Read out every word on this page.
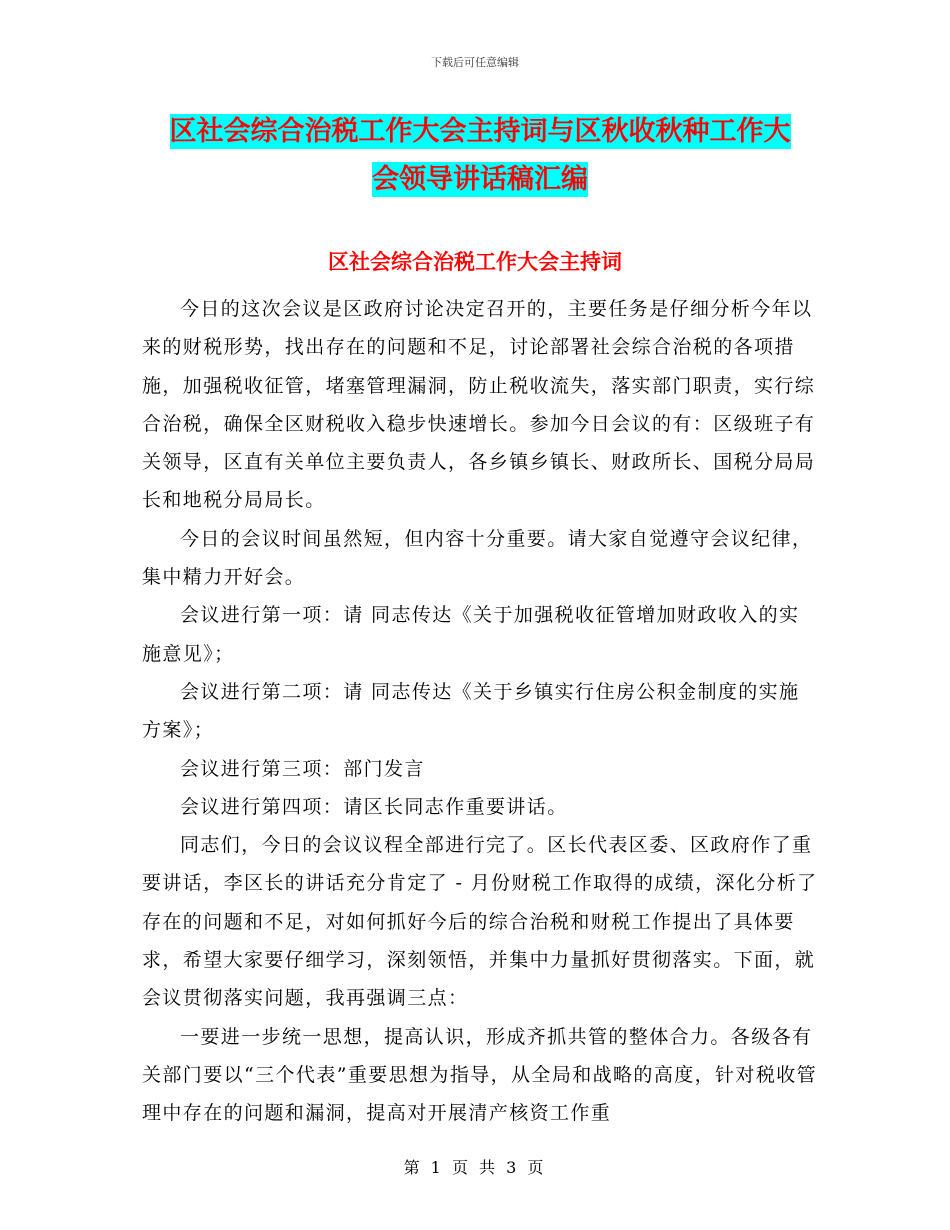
下载后可任意编辑
区社会综合治税工作大会主持词与区秋收秋种工作大
会领导讲话稿汇编
区社会综合治税工作大会主持词

今日的这次会议是区政府讨论决定召开的，主要任务是仔细分析今年以来的财税形势，找出存在的问题和不足，讨论部署社会综合治税的各项措施，加强税收征管，堵塞管理漏洞，防止税收流失，落实部门职责，实行综合治税，确保全区财税收入稳步快速增长。参加今日会议的有：区级班子有关领导，区直有关单位主要负责人，各乡镇乡镇长、财政所长、国税分局局长和地税分局局长。

今日的会议时间虽然短，但内容十分重要。请大家自觉遵守会议纪律，集中精力开好会。

会议进行第一项：请 同志传达《关于加强税收征管增加财政收入的实施意见》；

会议进行第二项：请 同志传达《关于乡镇实行住房公积金制度的实施方案》；

会议进行第三项：部门发言

会议进行第四项：请区长同志作重要讲话。

同志们，今日的会议议程全部进行完了。区长代表区委、区政府作了重要讲话，李区长的讲话充分肯定了 - 月份财税工作取得的成绩，深化分析了存在的问题和不足，对如何抓好今后的综合治税和财税工作提出了具体要求，希望大家要仔细学习，深刻领悟，并集中力量抓好贯彻落实。下面，就会议贯彻落实问题，我再强调三点：

一要进一步统一思想，提高认识，形成齐抓共管的整体合力。各级各有关部门要以“三个代表”重要思想为指导，从全局和战略的高度，针对税收管理中存在的问题和漏洞，提高对开展清产核资工作重

第 1 页 共 3 页
